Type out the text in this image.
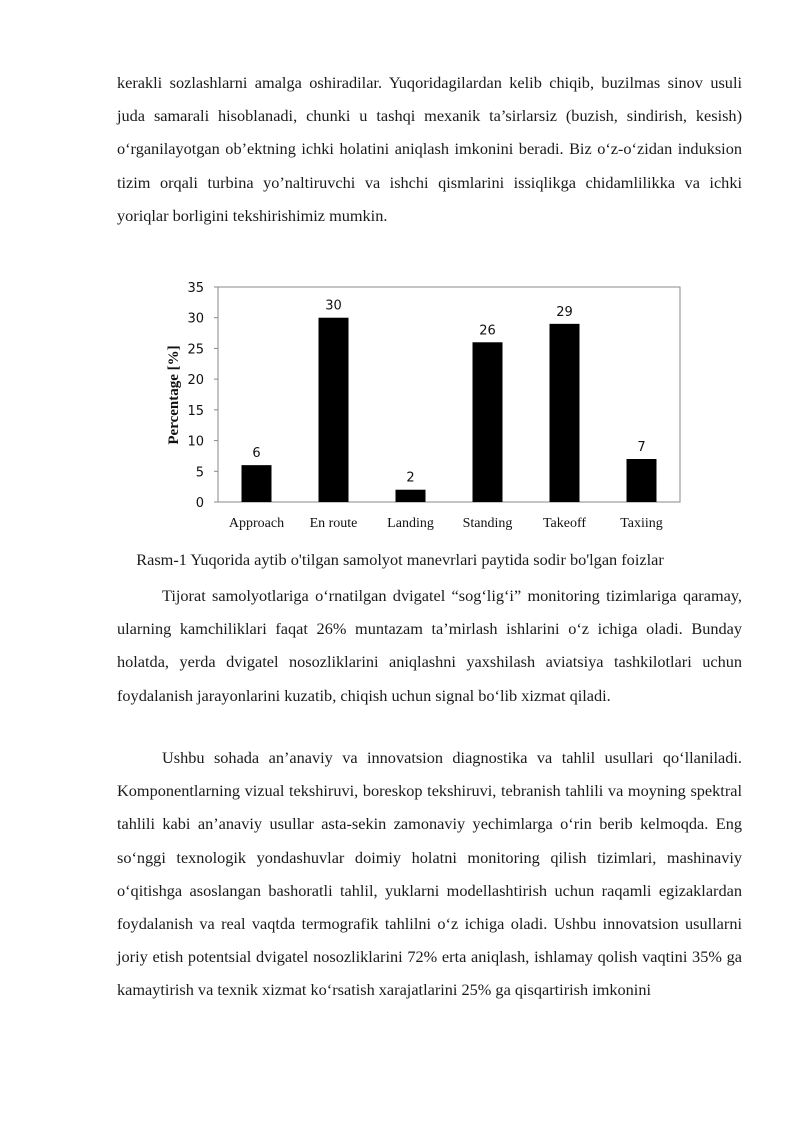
kerakli sozlashlarni amalga oshiradilar. Yuqoridagilardan kelib chiqib, buzilmas sinov usuli juda samarali hisoblanadi, chunki u tashqi mexanik ta’sirlarsiz (buzish, sindirish, kesish) o‘rganilayotgan ob’ektning ichki holatini aniqlash imkonini beradi. Biz o‘z-o‘zidan induksion tizim orqali turbina yo’naltiruvchi va ishchi qismlarini issiqlikga chidamlilikka va ichki yoriqlar borligini tekshirishimiz mumkin.

0
5
10
15
20
25
30
35
6
30
2
26
29
7
Approach En route Landing Standing Takeoff Taxiing
Percentage [%]

Rasm-1 Yuqorida aytib o'tilgan samolyot manevrlari paytida sodir bo'lgan foizlar

Tijorat samolyotlariga o‘rnatilgan dvigatel “sog‘lig‘i” monitoring tizimlariga qaramay, ularning kamchiliklari faqat 26% muntazam ta’mirlash ishlarini o‘z ichiga oladi. Bunday holatda, yerda dvigatel nosozliklarini aniqlashni yaxshilash aviatsiya tashkilotlari uchun foydalanish jarayonlarini kuzatib, chiqish uchun signal bo‘lib xizmat qiladi.

Ushbu sohada an’anaviy va innovatsion diagnostika va tahlil usullari qo‘llaniladi. Komponentlarning vizual tekshiruvi, boreskop tekshiruvi, tebranish tahlili va moyning spektral tahlili kabi an’anaviy usullar asta-sekin zamonaviy yechimlarga o‘rin berib kelmoqda. Eng so‘nggi texnologik yondashuvlar doimiy holatni monitoring qilish tizimlari, mashinaviy o‘qitishga asoslangan bashoratli tahlil, yuklarni modellashtirish uchun raqamli egizaklardan foydalanish va real vaqtda termografik tahlilni o‘z ichiga oladi. Ushbu innovatsion usullarni joriy etish potentsial dvigatel nosozliklarini 72% erta aniqlash, ishlamay qolish vaqtini 35% ga kamaytirish va texnik xizmat ko‘rsatish xarajatlarini 25% ga qisqartirish imkonini
